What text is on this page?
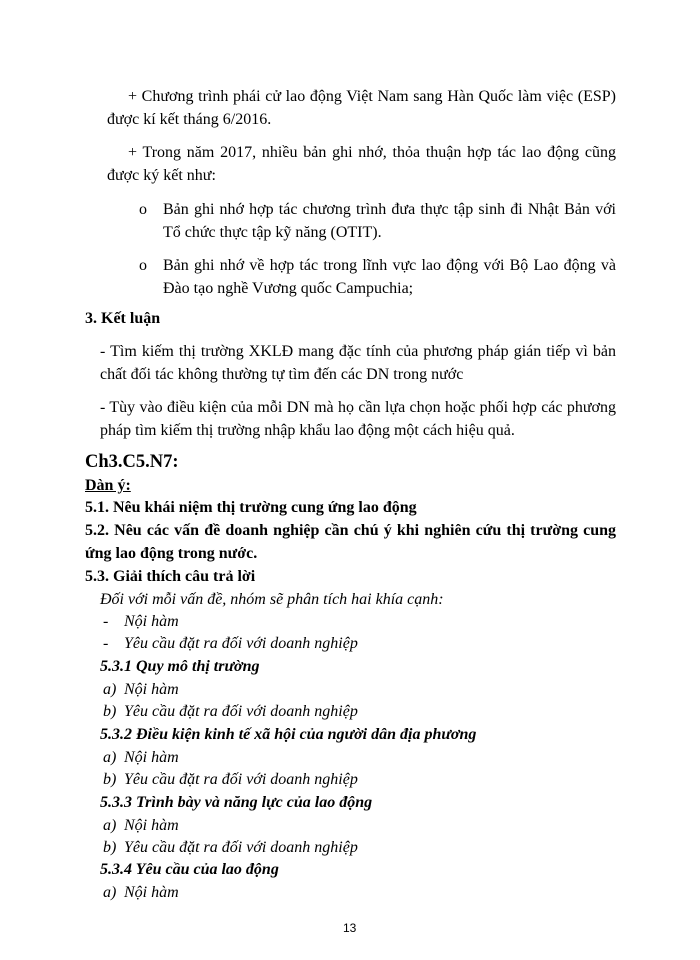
+ Chương trình phái cử lao động Việt Nam sang Hàn Quốc làm việc (ESP)
được kí kết tháng 6/2016.
+ Trong năm 2017, nhiều bản ghi nhớ, thỏa thuận hợp tác lao động cũng
được ký kết như:
o Bản ghi nhớ hợp tác chương trình đưa thực tập sinh đi Nhật Bản với
Tổ chức thực tập kỹ năng (OTIT).
o Bản ghi nhớ về hợp tác trong lĩnh vực lao động với Bộ Lao động và
Đào tạo nghề Vương quốc Campuchia;
3. Kết luận
- Tìm kiếm thị trường XKLĐ mang đặc tính của phương pháp gián tiếp vì bản
chất đối tác không thường tự tìm đến các DN trong nước
- Tùy vào điều kiện của mỗi DN mà họ cần lựa chọn hoặc phối hợp các phương
pháp tìm kiếm thị trường nhập khẩu lao động một cách hiệu quả.
Ch3.C5.N7:
Dàn ý:
5.1. Nêu khái niệm thị trường cung ứng lao động
5.2. Nêu các vấn đề doanh nghiệp cần chú ý khi nghiên cứu thị trường cung
ứng lao động trong nước.
5.3. Giải thích câu trả lời
Đối với mỗi vấn đề, nhóm sẽ phân tích hai khía cạnh:
- Nội hàm
- Yêu cầu đặt ra đối với doanh nghiệp
5.3.1 Quy mô thị trường
a) Nội hàm
b) Yêu cầu đặt ra đối với doanh nghiệp
5.3.2 Điều kiện kinh tế xã hội của người dân địa phương
a) Nội hàm
b) Yêu cầu đặt ra đối với doanh nghiệp
5.3.3 Trình bày và năng lực của lao động
a) Nội hàm
b) Yêu cầu đặt ra đối với doanh nghiệp
5.3.4 Yêu cầu của lao động
a) Nội hàm
13
